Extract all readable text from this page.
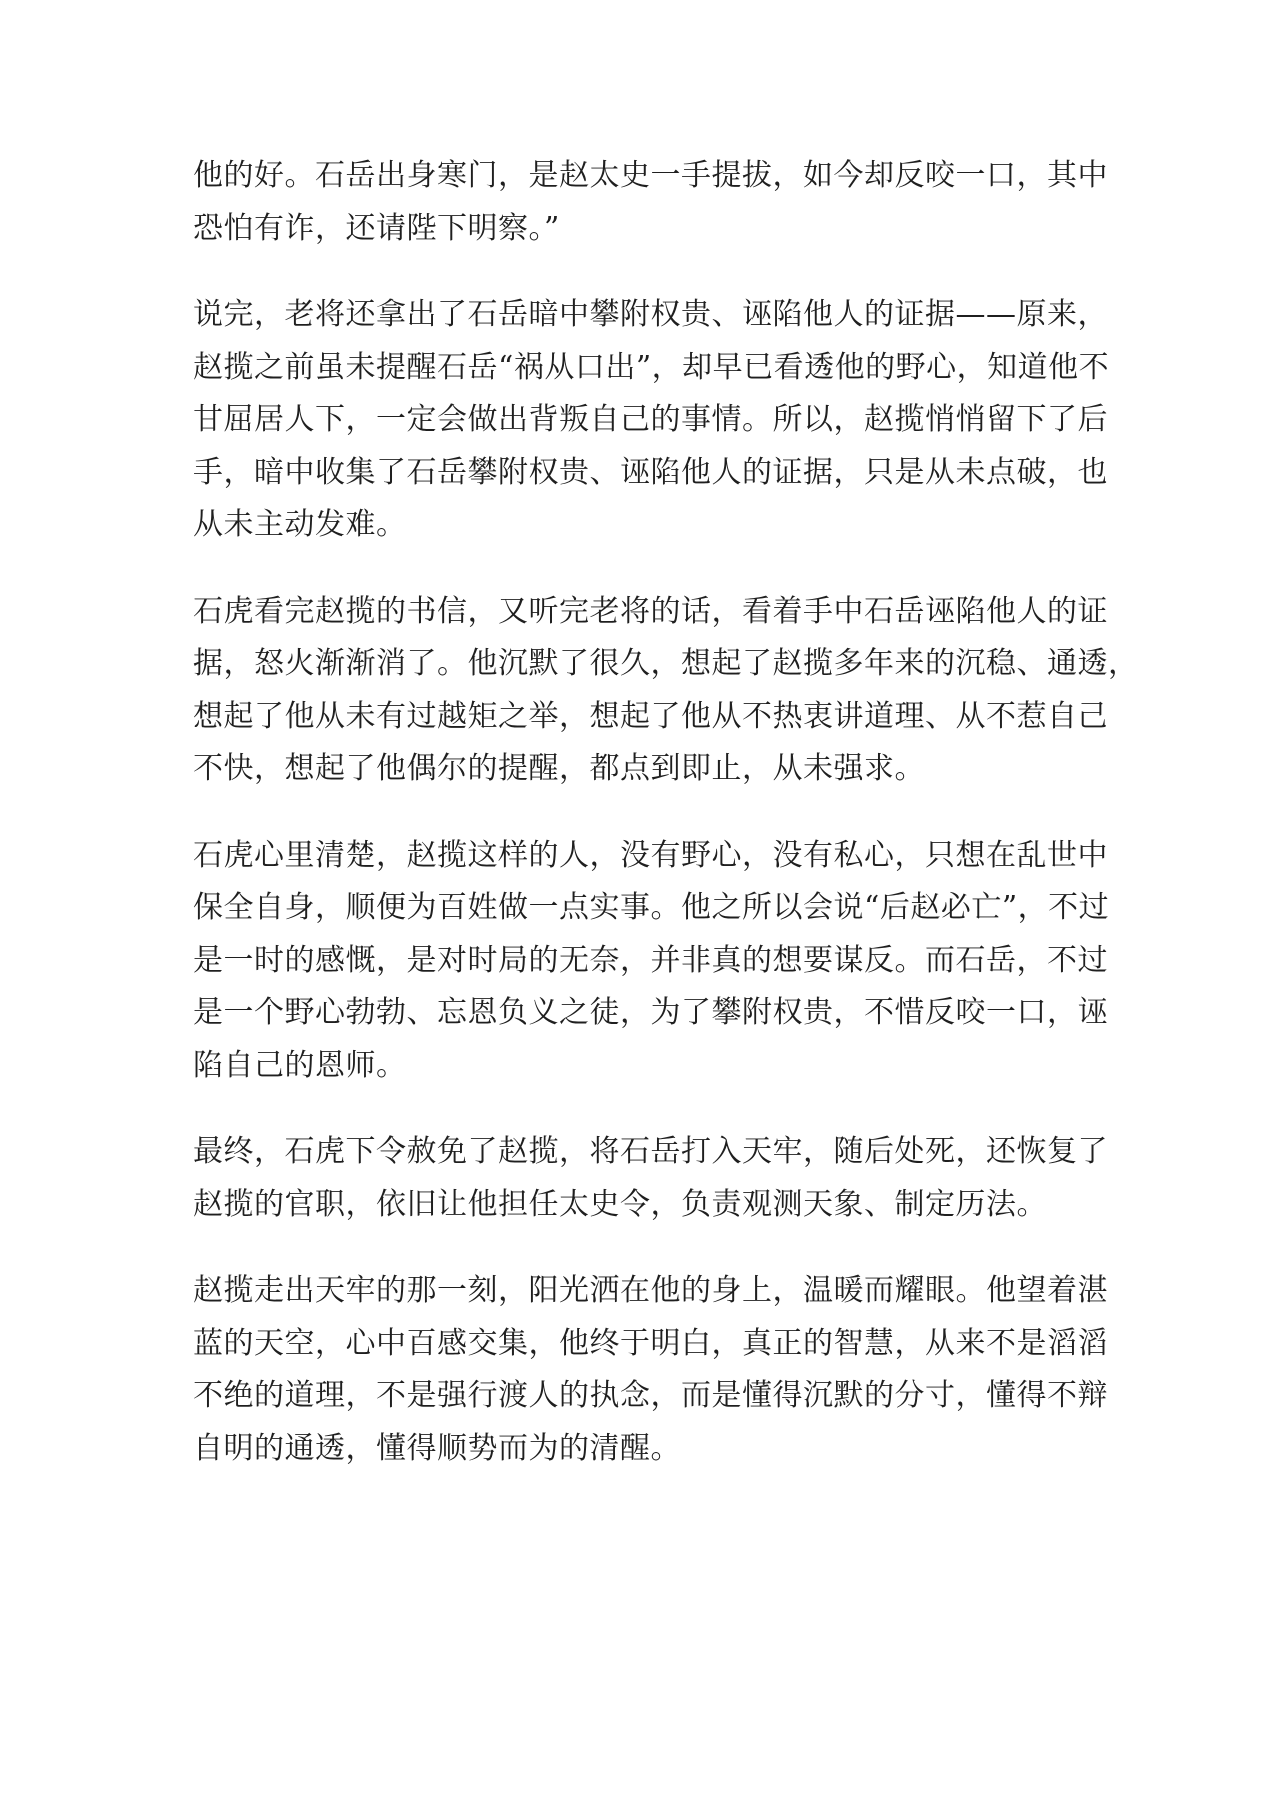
他的好。石岳出身寒门，是赵太史一手提拔，如今却反咬一口，其中
恐怕有诈，还请陛下明察。”

说完，老将还拿出了石岳暗中攀附权贵、诬陷他人的证据——原来，
赵揽之前虽未提醒石岳“祸从口出”，却早已看透他的野心，知道他不
甘屈居人下，一定会做出背叛自己的事情。所以，赵揽悄悄留下了后
手，暗中收集了石岳攀附权贵、诬陷他人的证据，只是从未点破，也
从未主动发难。

石虎看完赵揽的书信，又听完老将的话，看着手中石岳诬陷他人的证
据，怒火渐渐消了。他沉默了很久，想起了赵揽多年来的沉稳、通透，
想起了他从未有过越矩之举，想起了他从不热衷讲道理、从不惹自己
不快，想起了他偶尔的提醒，都点到即止，从未强求。

石虎心里清楚，赵揽这样的人，没有野心，没有私心，只想在乱世中
保全自身，顺便为百姓做一点实事。他之所以会说“后赵必亡”，不过
是一时的感慨，是对时局的无奈，并非真的想要谋反。而石岳，不过
是一个野心勃勃、忘恩负义之徒，为了攀附权贵，不惜反咬一口，诬
陷自己的恩师。

最终，石虎下令赦免了赵揽，将石岳打入天牢，随后处死，还恢复了
赵揽的官职，依旧让他担任太史令，负责观测天象、制定历法。

赵揽走出天牢的那一刻，阳光洒在他的身上，温暖而耀眼。他望着湛
蓝的天空，心中百感交集，他终于明白，真正的智慧，从来不是滔滔
不绝的道理，不是强行渡人的执念，而是懂得沉默的分寸，懂得不辩
自明的通透，懂得顺势而为的清醒。
